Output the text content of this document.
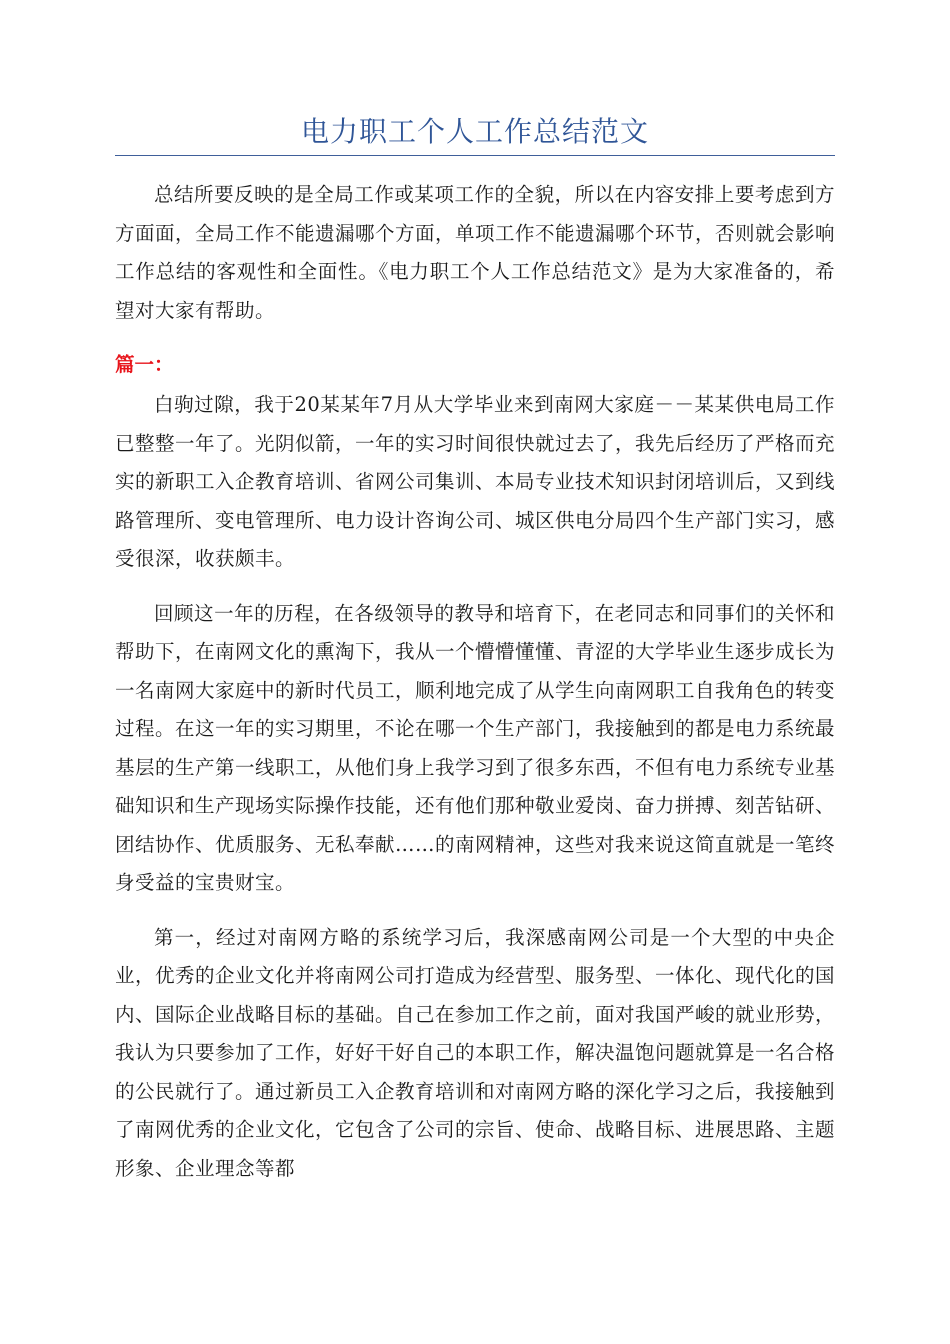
电力职工个人工作总结范文

总结所要反映的是全局工作或某项工作的全貌，所以在内容安排上要考虑到方方面面，全局工作不能遗漏哪个方面，单项工作不能遗漏哪个环节，否则就会影响工作总结的客观性和全面性。《电力职工个人工作总结范文》是为大家准备的，希望对大家有帮助。

篇一：

白驹过隙，我于20某某年7月从大学毕业来到南网大家庭－－某某供电局工作已整整一年了。光阴似箭，一年的实习时间很快就过去了，我先后经历了严格而充实的新职工入企教育培训、省网公司集训、本局专业技术知识封闭培训后，又到线路管理所、变电管理所、电力设计咨询公司、城区供电分局四个生产部门实习，感受很深，收获颇丰。

回顾这一年的历程，在各级领导的教导和培育下，在老同志和同事们的关怀和帮助下，在南网文化的熏淘下，我从一个懵懵懂懂、青涩的大学毕业生逐步成长为一名南网大家庭中的新时代员工，顺利地完成了从学生向南网职工自我角色的转变过程。在这一年的实习期里，不论在哪一个生产部门，我接触到的都是电力系统最基层的生产第一线职工，从他们身上我学习到了很多东西，不但有电力系统专业基础知识和生产现场实际操作技能，还有他们那种敬业爱岗、奋力拼搏、刻苦钻研、团结协作、优质服务、无私奉献……的南网精神，这些对我来说这简直就是一笔终身受益的宝贵财宝。

第一，经过对南网方略的系统学习后，我深感南网公司是一个大型的中央企业，优秀的企业文化并将南网公司打造成为经营型、服务型、一体化、现代化的国内、国际企业战略目标的基础。自己在参加工作之前，面对我国严峻的就业形势，我认为只要参加了工作，好好干好自己的本职工作，解决温饱问题就算是一名合格的公民就行了。通过新员工入企教育培训和对南网方略的深化学习之后，我接触到了南网优秀的企业文化，它包含了公司的宗旨、使命、战略目标、进展思路、主题形象、企业理念等都
